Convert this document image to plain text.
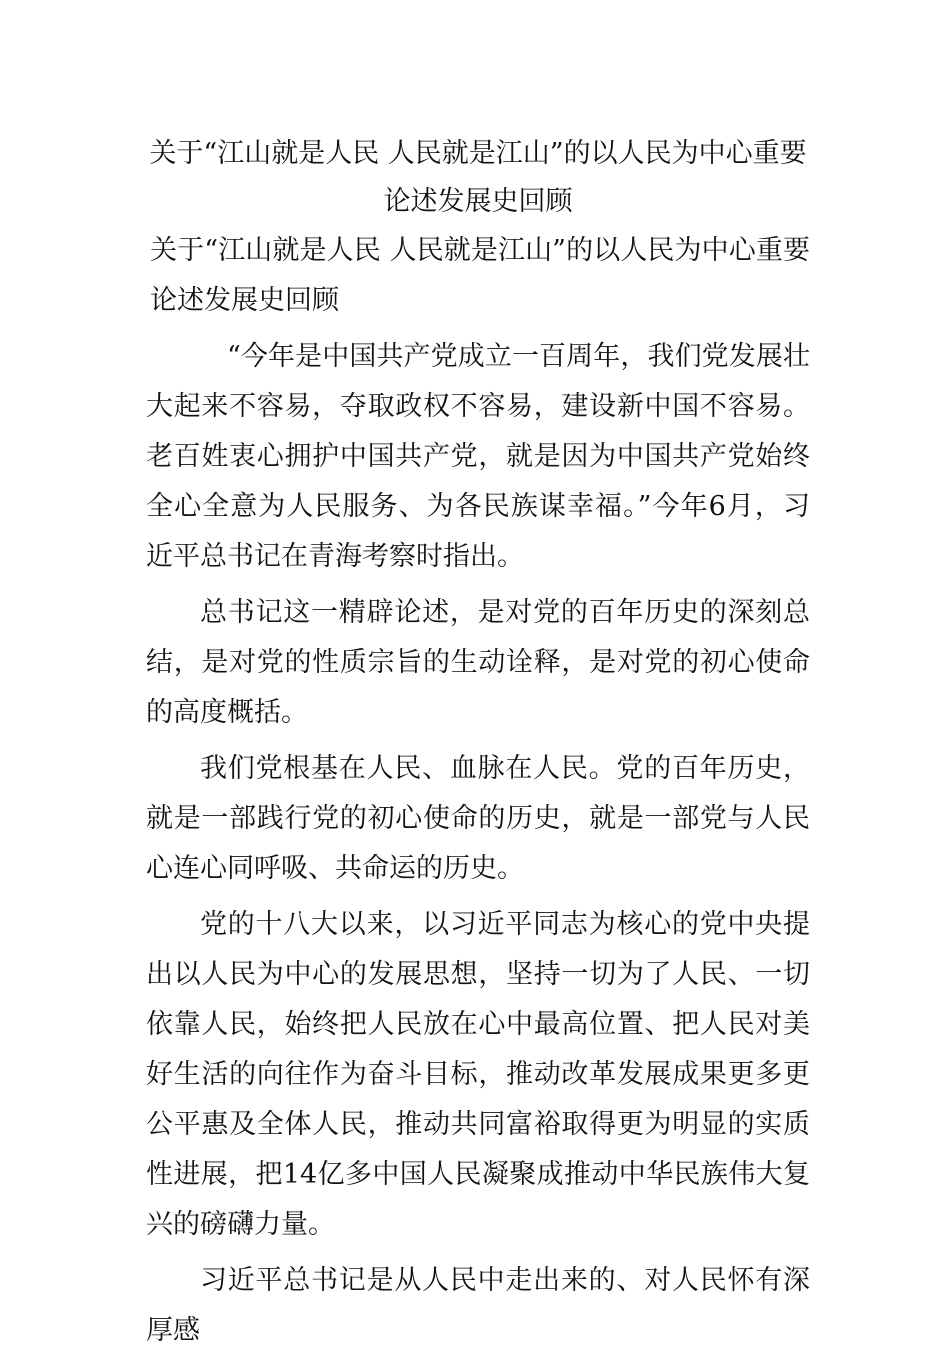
关于“江山就是人民 人民就是江山”的以人民为中心重要论述发展史回顾

关于“江山就是人民 人民就是江山”的以人民为中心重要论述发展史回顾

“今年是中国共产党成立一百周年，我们党发展壮大起来不容易，夺取政权不容易，建设新中国不容易。老百姓衷心拥护中国共产党，就是因为中国共产党始终全心全意为人民服务、为各民族谋幸福。”今年6月，习近平总书记在青海考察时指出。

总书记这一精辟论述，是对党的百年历史的深刻总结，是对党的性质宗旨的生动诠释，是对党的初心使命的高度概括。

我们党根基在人民、血脉在人民。党的百年历史，就是一部践行党的初心使命的历史，就是一部党与人民心连心同呼吸、共命运的历史。

党的十八大以来，以习近平同志为核心的党中央提出以人民为中心的发展思想，坚持一切为了人民、一切依靠人民，始终把人民放在心中最高位置、把人民对美好生活的向往作为奋斗目标，推动改革发展成果更多更公平惠及全体人民，推动共同富裕取得更为明显的实质性进展，把14亿多中国人民凝聚成推动中华民族伟大复兴的磅礴力量。

习近平总书记是从人民中走出来的、对人民怀有深厚感
